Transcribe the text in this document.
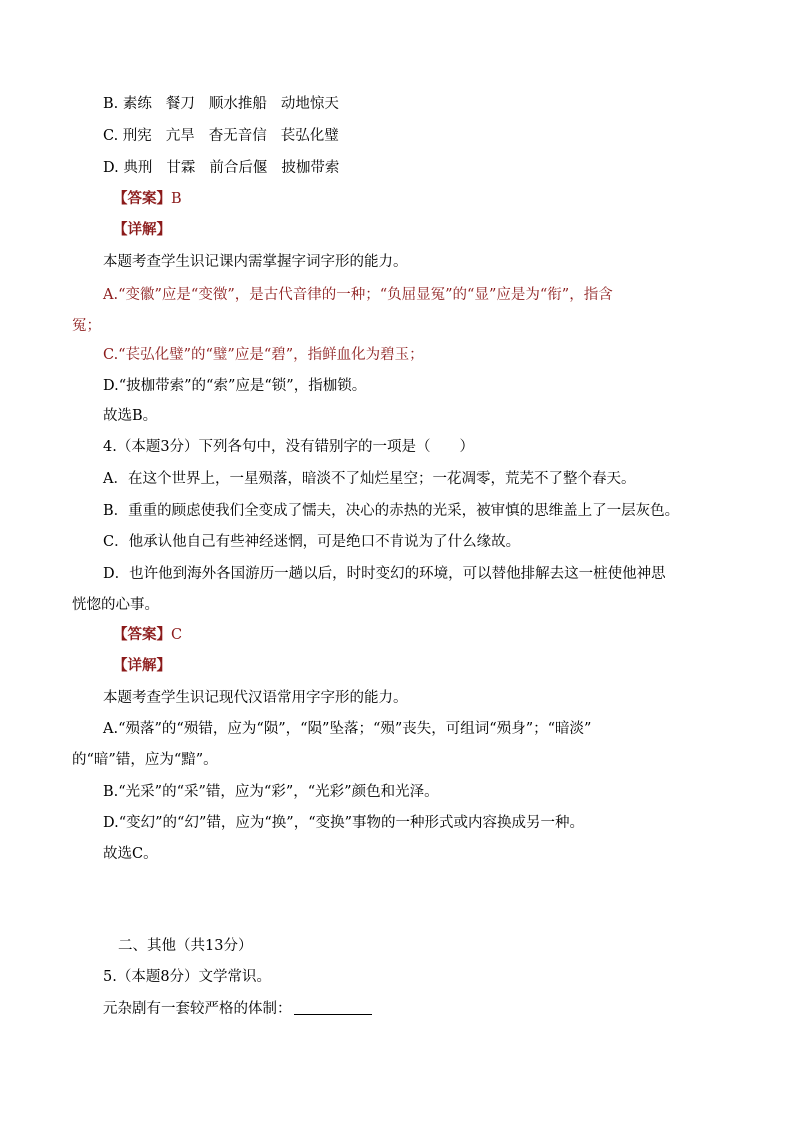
B. 素练 餐刀 顺水推船 动地惊天
C. 刑宪 亢旱 杳无音信 苌弘化璧
D. 典刑 甘霖 前合后偃 披枷带索
【答案】B
【详解】
本题考查学生识记课内需掌握字词字形的能力。
A.“变徽”应是“变徵”，是古代音律的一种；“负屈显冤”的“显”应是为“衔”，指含
冤；
C.“苌弘化璧”的“璧”应是“碧”，指鲜血化为碧玉；
D.“披枷带索”的“索”应是“锁”，指枷锁。
故选B。
4.（本题3分）下列各句中，没有错别字的一项是（　　）
A．在这个世界上，一星殒落，暗淡不了灿烂星空；一花凋零，荒芜不了整个春天。
B．重重的顾虑使我们全变成了懦夫，决心的赤热的光采，被审慎的思维盖上了一层灰色。
C．他承认他自己有些神经迷惘，可是绝口不肯说为了什么缘故。
D．也许他到海外各国游历一趟以后，时时变幻的环境，可以替他排解去这一桩使他神思
恍惚的心事。
【答案】C
【详解】
本题考查学生识记现代汉语常用字字形的能力。
A.“殒落”的“殒错，应为“陨”，“陨”坠落；“殒”丧失，可组词“殒身”；“暗淡”
的“暗”错，应为“黯”。
B.“光采”的“采”错，应为“彩”，“光彩”颜色和光泽。
D.“变幻”的“幻”错，应为“换”，“变换”事物的一种形式或内容换成另一种。
故选C。
二、其他（共13分）
5.（本题8分）文学常识。
元杂剧有一套较严格的体制：
